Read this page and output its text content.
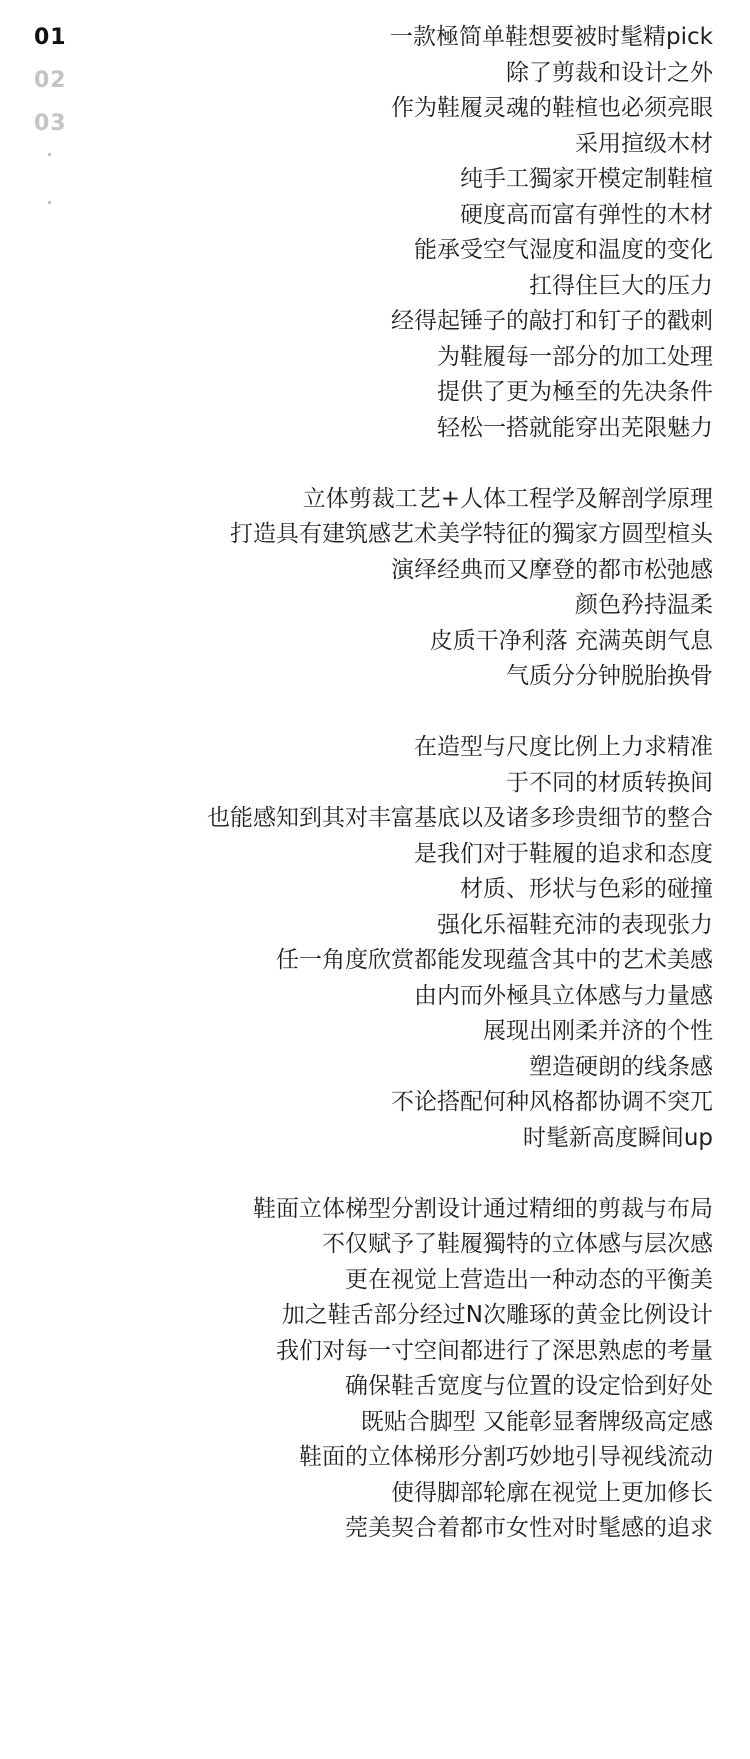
01
02
03
一款極简单鞋想要被时髦精pick
除了剪裁和设计之外
作为鞋履灵魂的鞋楦也必须亮眼
采用揎级木材
纯手工獨家开模定制鞋楦
硬度高而富有弹性的木材
能承受空气湿度和温度的变化
扛得住巨大的压力
经得起锤子的敲打和钉子的戳刺
为鞋履每一部分的加工处理
提供了更为極至的先决条件
轻松一搭就能穿出芜限魅力
立体剪裁工艺+人体工程学及解剖学原理
打造具有建筑感艺术美学特征的獨家方圆型楦头
演绎经典而又摩登的都市松弛感
颜色矜持温柔
皮质干净利落 充满英朗气息
气质分分钟脱胎换骨
在造型与尺度比例上力求精准
于不同的材质转换间
也能感知到其对丰富基底以及诸多珍贵细节的整合
是我们对于鞋履的追求和态度
材质、形状与色彩的碰撞
强化乐福鞋充沛的表现张力
任一角度欣赏都能发现蕴含其中的艺术美感
由内而外極具立体感与力量感
展现出刚柔并济的个性
塑造硬朗的线条感
不论搭配何种风格都协调不突兀
时髦新高度瞬间up
鞋面立体梯型分割设计通过精细的剪裁与布局
不仅赋予了鞋履獨特的立体感与层次感
更在视觉上营造出一种动态的平衡美
加之鞋舌部分经过N次雕琢的黄金比例设计
我们对每一寸空间都进行了深思熟虑的考量
确保鞋舌宽度与位置的设定恰到好处
既贴合脚型 又能彰显奢牌级高定感
鞋面的立体梯形分割巧妙地引导视线流动
使得脚部轮廓在视觉上更加修长
莞美契合着都市女性对时髦感的追求
